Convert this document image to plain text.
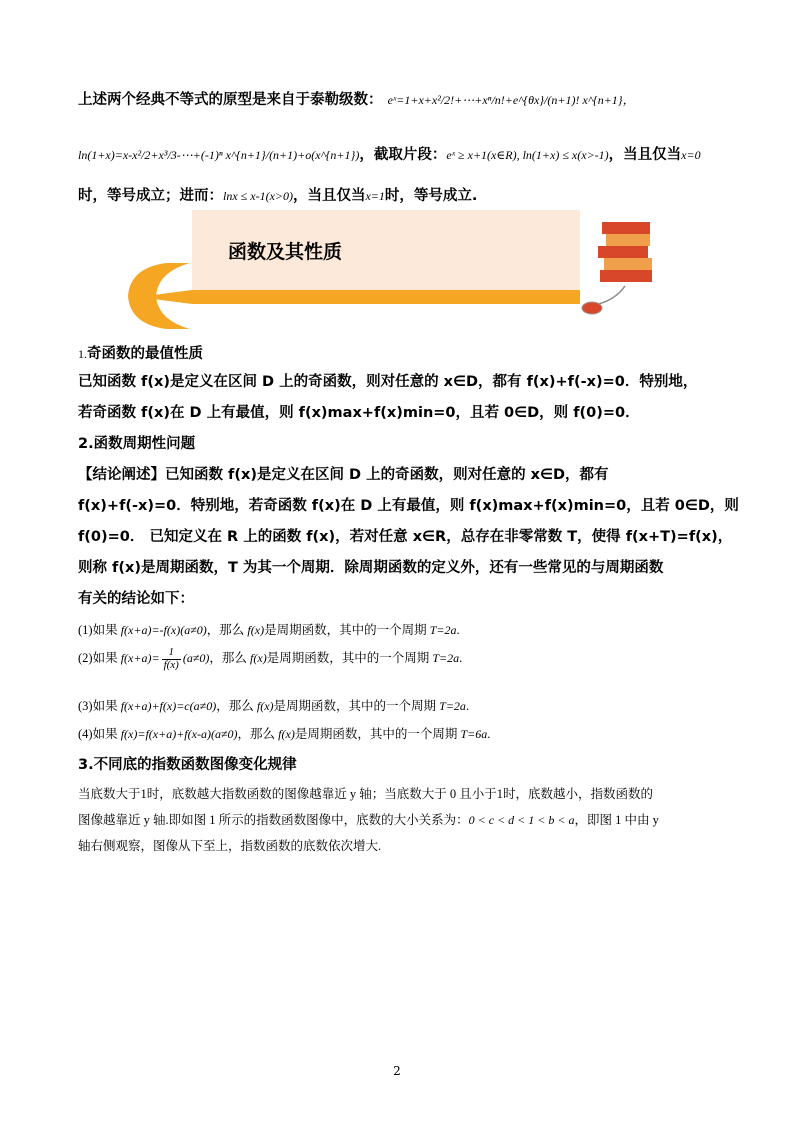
上述两个经典不等式的原型是来自于泰勒级数： eˣ=1+x+x²/2!+⋯+xⁿ/n!+e^{θx}/(n+1)! x^{n+1}，
ln(1+x)=x-x²/2+x³/3-⋯+(-1)ⁿ x^{n+1}/(n+1)+o(x^{n+1})，截取片段：eˣ ≥ x+1(x∈R), ln(1+x) ≤ x(x>-1)，当且仅当x=0
时，等号成立；进而：lnx ≤ x-1(x>0)，当且仅当x=1时，等号成立.
函数及其性质
1.奇函数的最值性质
已知函数 f(x)是定义在区间 D 上的奇函数，则对任意的 x∈D，都有 f(x)+f(-x)=0．特别地，
若奇函数 f(x)在 D 上有最值，则 f(x)max+f(x)min=0，且若 0∈D，则 f(0)=0．
2.函数周期性问题
【结论阐述】已知函数 f(x)是定义在区间 D 上的奇函数，则对任意的 x∈D，都有
f(x)+f(-x)=0．特别地，若奇函数 f(x)在 D 上有最值，则 f(x)max+f(x)min=0，且若 0∈D，则
f(0)=0． 已知定义在 R 上的函数 f(x)，若对任意 x∈R，总存在非零常数 T，使得 f(x+T)=f(x)，
则称 f(x)是周期函数，T 为其一个周期．除周期函数的定义外，还有一些常见的与周期函数
有关的结论如下：
(1)如果 f(x+a)=-f(x)(a≠0)，那么 f(x)是周期函数，其中的一个周期 T=2a.
(2)如果 $f(x+a)= \frac{1}{f(x)} (a\ne 0)$，那么 f(x)是周期函数，其中的一个周期 T=2a.
(3)如果 f(x+a)+f(x)=c(a≠0)，那么 f(x)是周期函数，其中的一个周期 T=2a.
(4)如果 f(x)=f(x+a)+f(x-a)(a≠0)，那么 f(x)是周期函数，其中的一个周期 T=6a.
3.不同底的指数函数图像变化规律
当底数大于1时，底数越大指数函数的图像越靠近 y 轴；当底数大于 0 且小于1时，底数越小，指数函数的
图像越靠近 y 轴.即如图 1 所示的指数函数图像中，底数的大小关系为：0 < c < d < 1 < b < a，即图 1 中由 y
轴右侧观察，图像从下至上，指数函数的底数依次增大.
2
